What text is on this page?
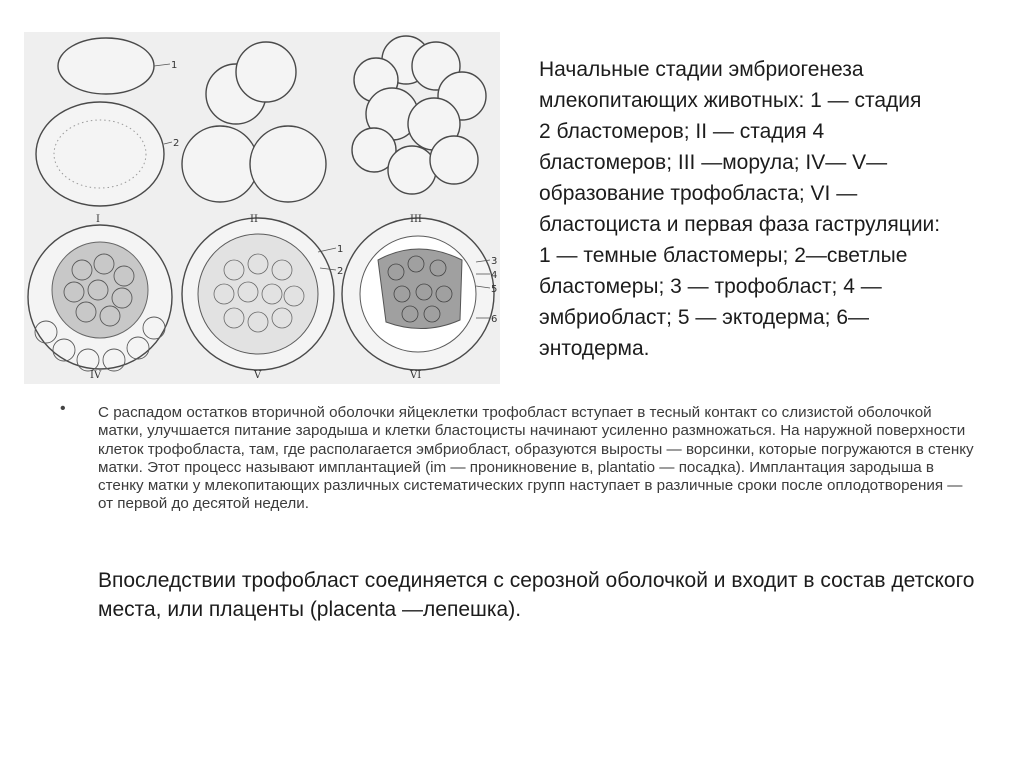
I	II	III
IV	V	VI
1
2
1
2
3
4
5
6
Начальные стадии эмбриогенеза
млекопитающих животных: 1 — стадия
2 бластомеров; II — стадия 4
бластомеров; III —морула; IV— V—
образование трофобласта; VI —
бластоциста и первая фаза гаструляции:
1 — темные бластомеры; 2—светлые
бластомеры; 3 — трофобласт; 4 —
эмбриобласт; 5 — эктодерма; 6—
энтодерма.
• С распадом остатков вторичной оболочки яйцеклетки трофобласт вступает в тесный контакт со слизистой оболочкой матки, улучшается питание зародыша и клетки бластоцисты начинают усиленно размножаться. На наружной поверхности клеток трофобласта, там, где располагается эмбриобласт, образуются выросты — ворсинки, которые погружаются в стенку матки. Этот процесс называют имплантацией (im — проникновение в, plantatio — посадка). Имплантация зародыша в стенку матки у млекопитающих различных систематических групп наступает в различные сроки после оплодотворения — от первой до десятой недели.
Впоследствии трофобласт соединяется с серозной оболочкой и входит в состав детского места, или плаценты (placenta —лепешка).
